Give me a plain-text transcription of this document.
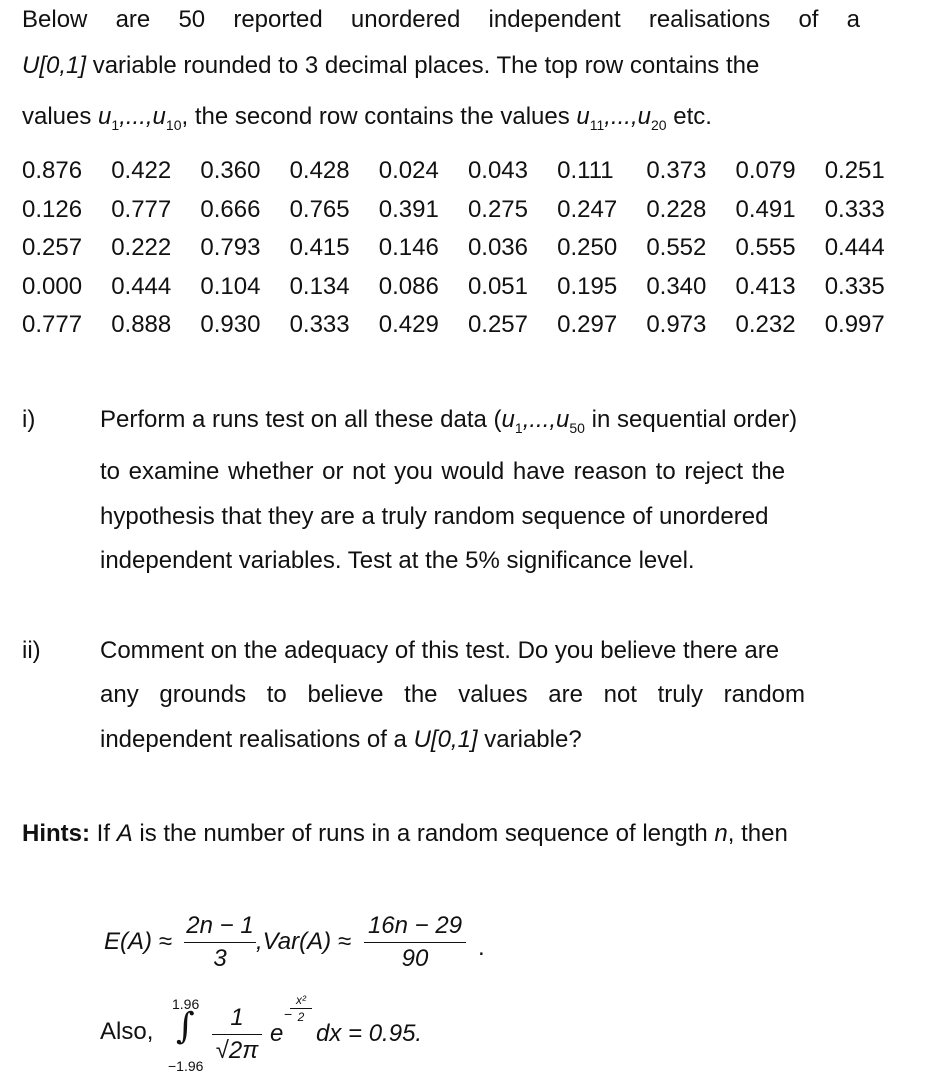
Below are 50 reported unordered independent realisations of a
U[0,1] variable rounded to 3 decimal places. The top row contains the
values $u_1,...,u_{10}$, the second row contains the values $u_{11},...,u_{20}$ etc.
0.876	0.422	0.360	0.428	0.024	0.043	0.111	0.373	0.079	0.251
0.126	0.777	0.666	0.765	0.391	0.275	0.247	0.228	0.491	0.333
0.257	0.222	0.793	0.415	0.146	0.036	0.250	0.552	0.555	0.444
0.000	0.444	0.104	0.134	0.086	0.051	0.195	0.340	0.413	0.335
0.777	0.888	0.930	0.333	0.429	0.257	0.297	0.973	0.232	0.997
i)	Perform a runs test on all these data ($u_1,...,u_{50}$ in sequential order)
to examine whether or not you would have reason to reject the
hypothesis that they are a truly random sequence of unordered
independent variables. Test at the 5% significance level.
ii) Comment on the adequacy of this test. Do you believe there are
any grounds to believe the values are not truly random
independent realisations of a U[0,1] variable?
Hints: If A is the number of runs in a random sequence of length n, then
E(A) ≈
2n − 1
3
,Var(A) ≈
16n − 29
90	.
Also,
1.96
∫
−1.96
1
√2π
e
−
x²
2
dx = 0.95.
